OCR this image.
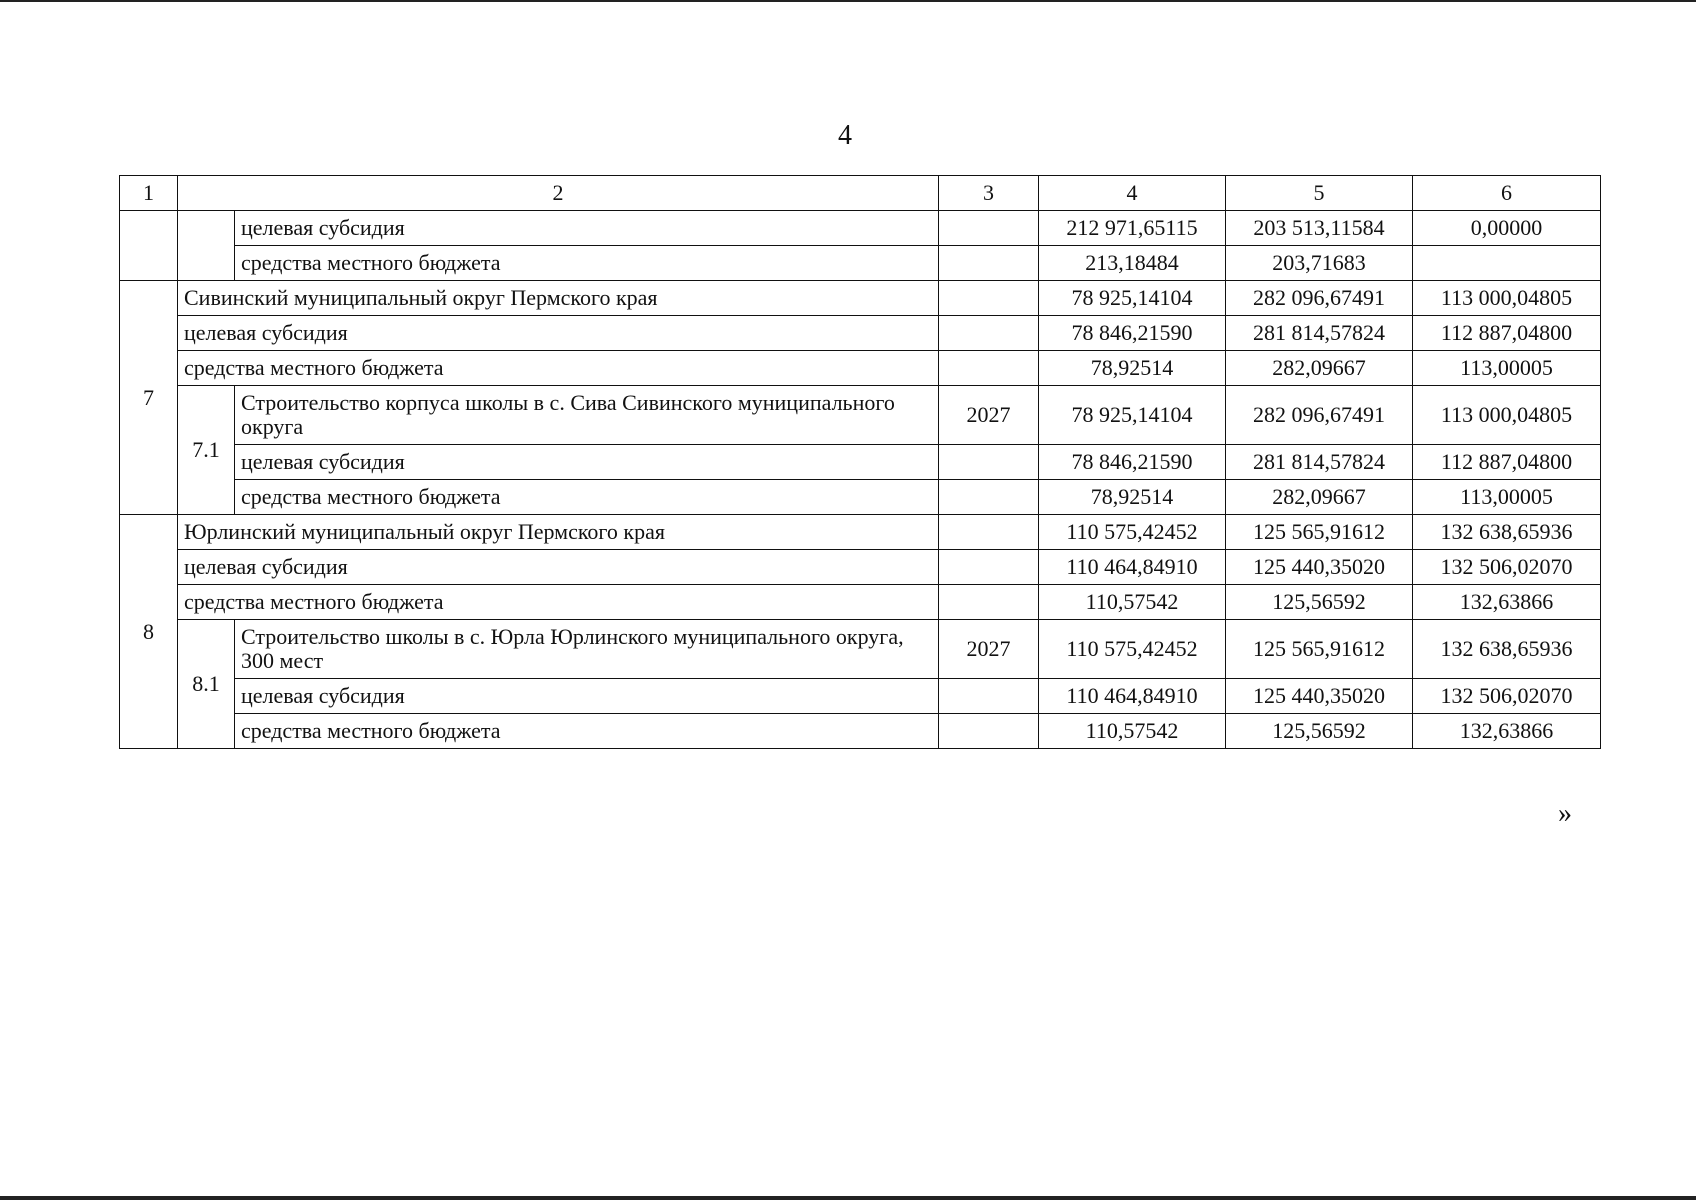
4
1	2		3	4	5	6
		целевая субсидия		212 971,65115	203 513,11584	0,00000
		средства местного бюджета		213,18484	203,71683	
7	Сивинский муниципальный округ Пермского края			78 925,14104	282 096,67491	113 000,04805
	целевая субсидия			78 846,21590	281 814,57824	112 887,04800
	средства местного бюджета			78,92514	282,09667	113,00005
	7.1	Строительство корпуса школы в с. Сива Сивинского муниципального округа	2027	78 925,14104	282 096,67491	113 000,04805
		целевая субсидия		78 846,21590	281 814,57824	112 887,04800
		средства местного бюджета		78,92514	282,09667	113,00005
8	Юрлинский муниципальный округ Пермского края			110 575,42452	125 565,91612	132 638,65936
	целевая субсидия			110 464,84910	125 440,35020	132 506,02070
	средства местного бюджета			110,57542	125,56592	132,63866
	8.1	Строительство школы в с. Юрла Юрлинского муниципального округа, 300 мест	2027	110 575,42452	125 565,91612	132 638,65936
		целевая субсидия		110 464,84910	125 440,35020	132 506,02070
		средства местного бюджета		110,57542	125,56592	132,63866
»
